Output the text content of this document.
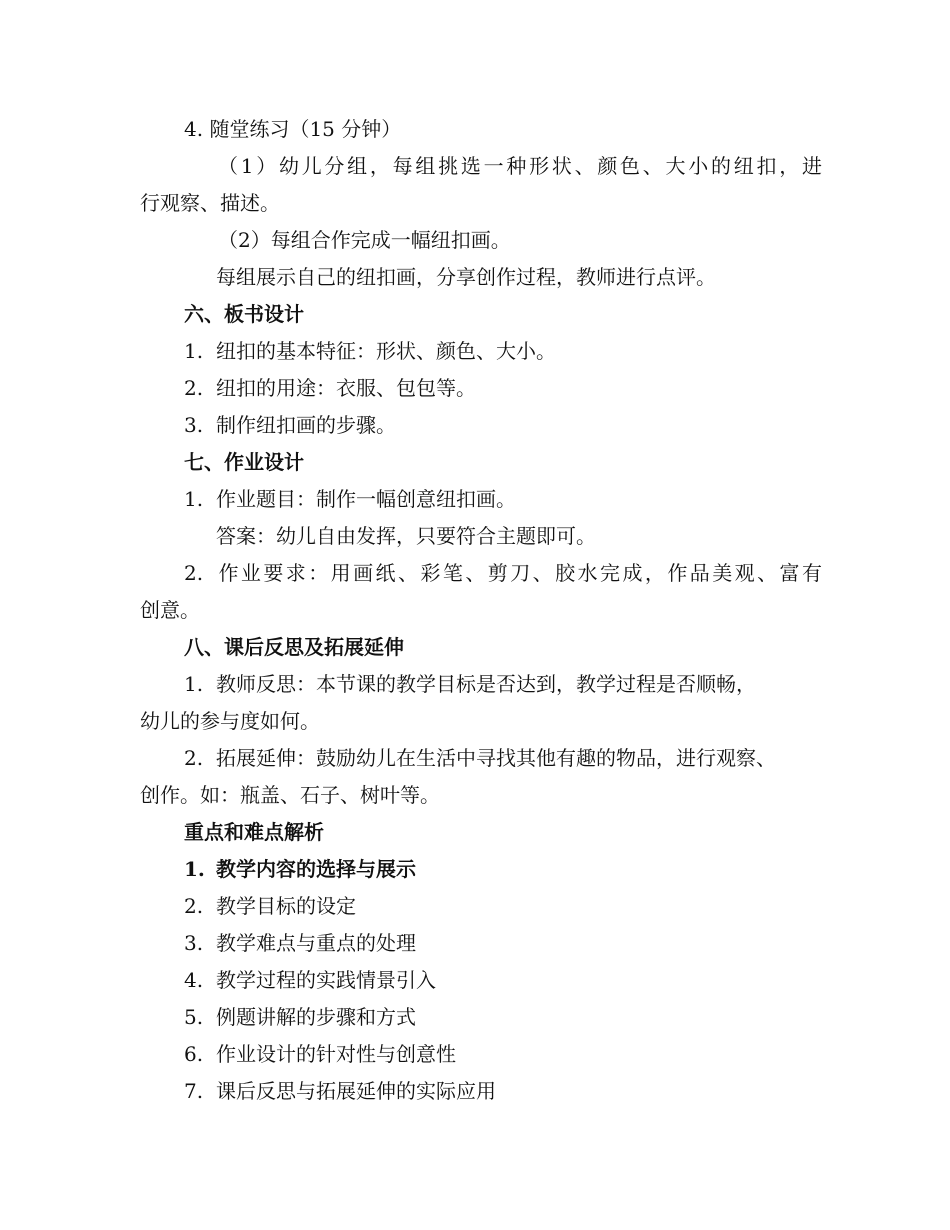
4. 随堂练习（15 分钟）
（1）幼儿分组，每组挑选一种形状、颜色、大小的纽扣，进
行观察、描述。
（2）每组合作完成一幅纽扣画。
每组展示自己的纽扣画，分享创作过程，教师进行点评。
六、板书设计
1. 纽扣的基本特征：形状、颜色、大小。
2. 纽扣的用途：衣服、包包等。
3. 制作纽扣画的步骤。
七、作业设计
1. 作业题目：制作一幅创意纽扣画。
答案：幼儿自由发挥，只要符合主题即可。
2. 作业要求：用画纸、彩笔、剪刀、胶水完成，作品美观、富有
创意。
八、课后反思及拓展延伸
1. 教师反思：本节课的教学目标是否达到，教学过程是否顺畅，
幼儿的参与度如何。
2. 拓展延伸：鼓励幼儿在生活中寻找其他有趣的物品，进行观察、
创作。如：瓶盖、石子、树叶等。
重点和难点解析
1. 教学内容的选择与展示
2. 教学目标的设定
3. 教学难点与重点的处理
4. 教学过程的实践情景引入
5. 例题讲解的步骤和方式
6. 作业设计的针对性与创意性
7. 课后反思与拓展延伸的实际应用
